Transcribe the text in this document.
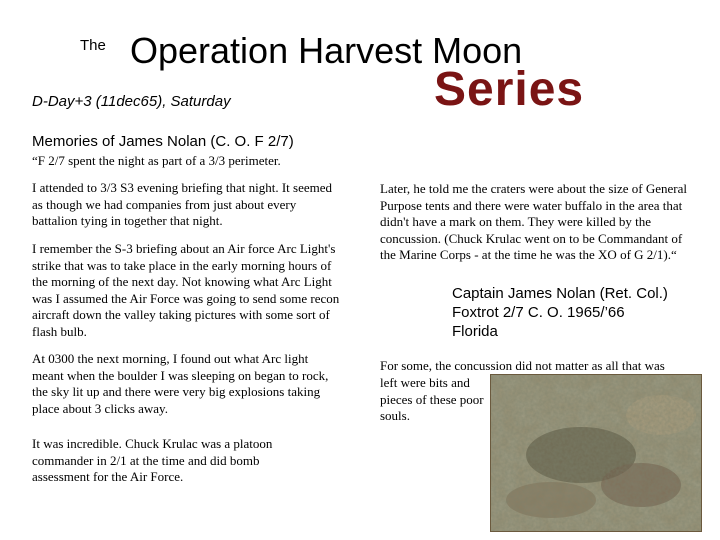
The Operation Harvest Moon
Series
D-Day+3 (11dec65), Saturday
Memories of James Nolan (C. O. F 2/7)
“F 2/7 spent the night as part of a 3/3 perimeter.
I attended to 3/3 S3 evening briefing that night. It seemed as though we had companies from just about every battalion tying in together that night.
I remember the S-3 briefing about an Air force Arc Light's strike that was to take place in the early morning hours of the morning of the next day. Not knowing what Arc Light was I assumed the Air Force was going to send some recon aircraft down the valley taking pictures with some sort of flash bulb.
At 0300 the next morning, I found out what Arc light meant when the boulder I was sleeping on began to rock, the sky lit up and there were very big explosions taking place about 3 clicks away.
It was incredible. Chuck Krulac was a platoon commander in 2/1 at the time and did bomb assessment for the Air Force.
Later, he told me the craters were about the size of General Purpose tents and there were water buffalo in the area that didn't have a mark on them. They were killed by the concussion. (Chuck Krulac went on to be Commandant of the Marine Corps - at the time he was the XO of G 2/1).“
Captain James Nolan (Ret. Col.)
Foxtrot 2/7 C. O. 1965/’66
Florida
For some, the concussion did not matter as all that was
left were bits and pieces of these poor souls.
